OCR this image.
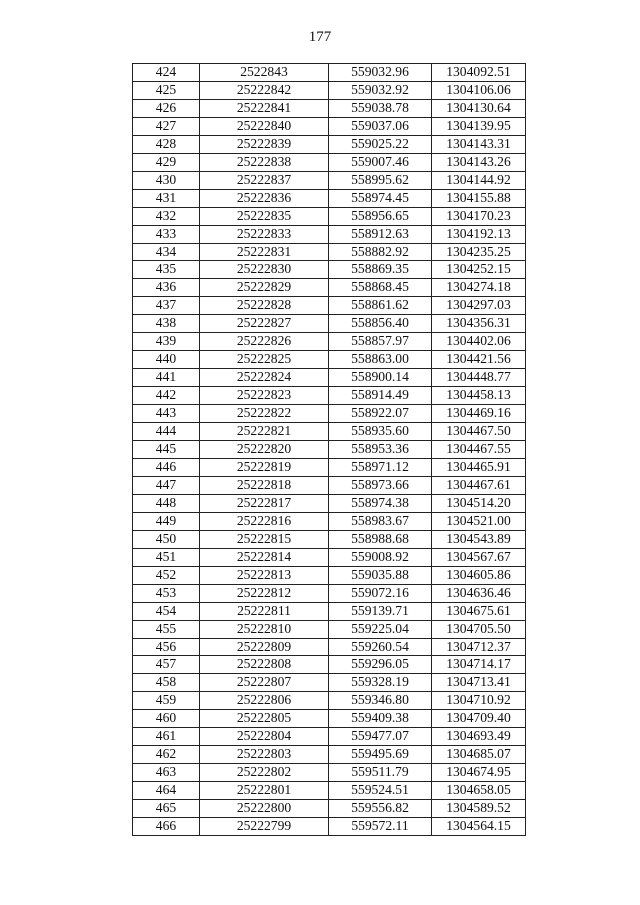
177
424	2522843	559032.96	1304092.51
425	25222842	559032.92	1304106.06
426	25222841	559038.78	1304130.64
427	25222840	559037.06	1304139.95
428	25222839	559025.22	1304143.31
429	25222838	559007.46	1304143.26
430	25222837	558995.62	1304144.92
431	25222836	558974.45	1304155.88
432	25222835	558956.65	1304170.23
433	25222833	558912.63	1304192.13
434	25222831	558882.92	1304235.25
435	25222830	558869.35	1304252.15
436	25222829	558868.45	1304274.18
437	25222828	558861.62	1304297.03
438	25222827	558856.40	1304356.31
439	25222826	558857.97	1304402.06
440	25222825	558863.00	1304421.56
441	25222824	558900.14	1304448.77
442	25222823	558914.49	1304458.13
443	25222822	558922.07	1304469.16
444	25222821	558935.60	1304467.50
445	25222820	558953.36	1304467.55
446	25222819	558971.12	1304465.91
447	25222818	558973.66	1304467.61
448	25222817	558974.38	1304514.20
449	25222816	558983.67	1304521.00
450	25222815	558988.68	1304543.89
451	25222814	559008.92	1304567.67
452	25222813	559035.88	1304605.86
453	25222812	559072.16	1304636.46
454	25222811	559139.71	1304675.61
455	25222810	559225.04	1304705.50
456	25222809	559260.54	1304712.37
457	25222808	559296.05	1304714.17
458	25222807	559328.19	1304713.41
459	25222806	559346.80	1304710.92
460	25222805	559409.38	1304709.40
461	25222804	559477.07	1304693.49
462	25222803	559495.69	1304685.07
463	25222802	559511.79	1304674.95
464	25222801	559524.51	1304658.05
465	25222800	559556.82	1304589.52
466	25222799	559572.11	1304564.15
